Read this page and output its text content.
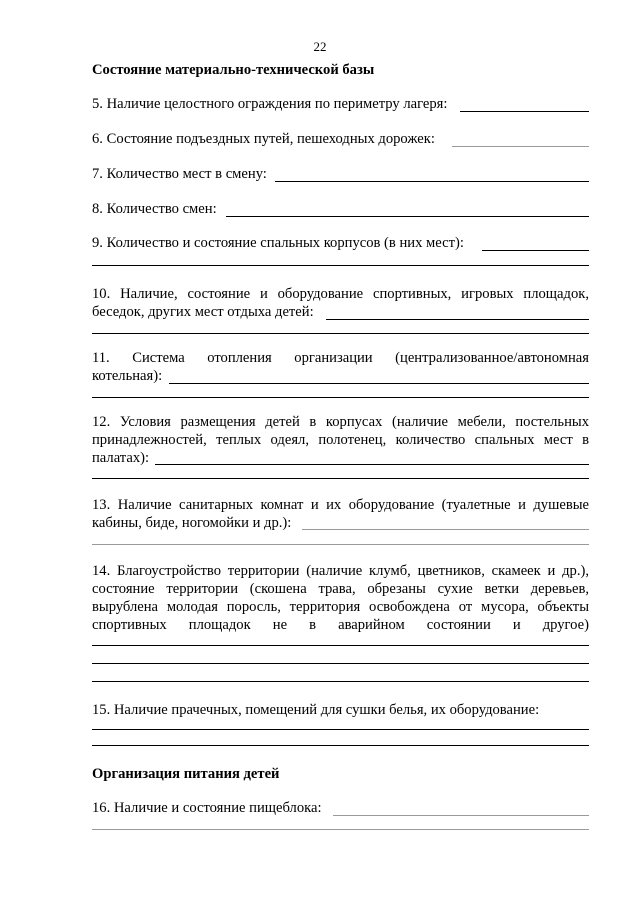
22
Состояние материально-технической базы
5. Наличие целостного ограждения по периметру лагеря:
6. Состояние подъездных путей, пешеходных дорожек:
7. Количество мест в смену:
8. Количество смен:
9. Количество и состояние спальных корпусов (в них мест):
10. Наличие, состояние и оборудование спортивных, игровых площадок,
беседок, других мест отдыха детей:
11. Система отопления организации (централизованное/автономная
котельная):
12. Условия размещения детей в корпусах (наличие мебели, постельных
принадлежностей, теплых одеял, полотенец, количество спальных мест в
палатах):
13. Наличие санитарных комнат и их оборудование (туалетные и душевые
кабины, биде, ногомойки и др.):
14. Благоустройство территории (наличие клумб, цветников, скамеек и др.),
состояние территории (скошена трава, обрезаны сухие ветки деревьев,
вырублена молодая поросль, территория освобождена от мусора, объекты
спортивных площадок не в аварийном состоянии и другое)
15. Наличие прачечных, помещений для сушки белья, их оборудование:
Организация питания детей
16. Наличие и состояние пищеблока:
